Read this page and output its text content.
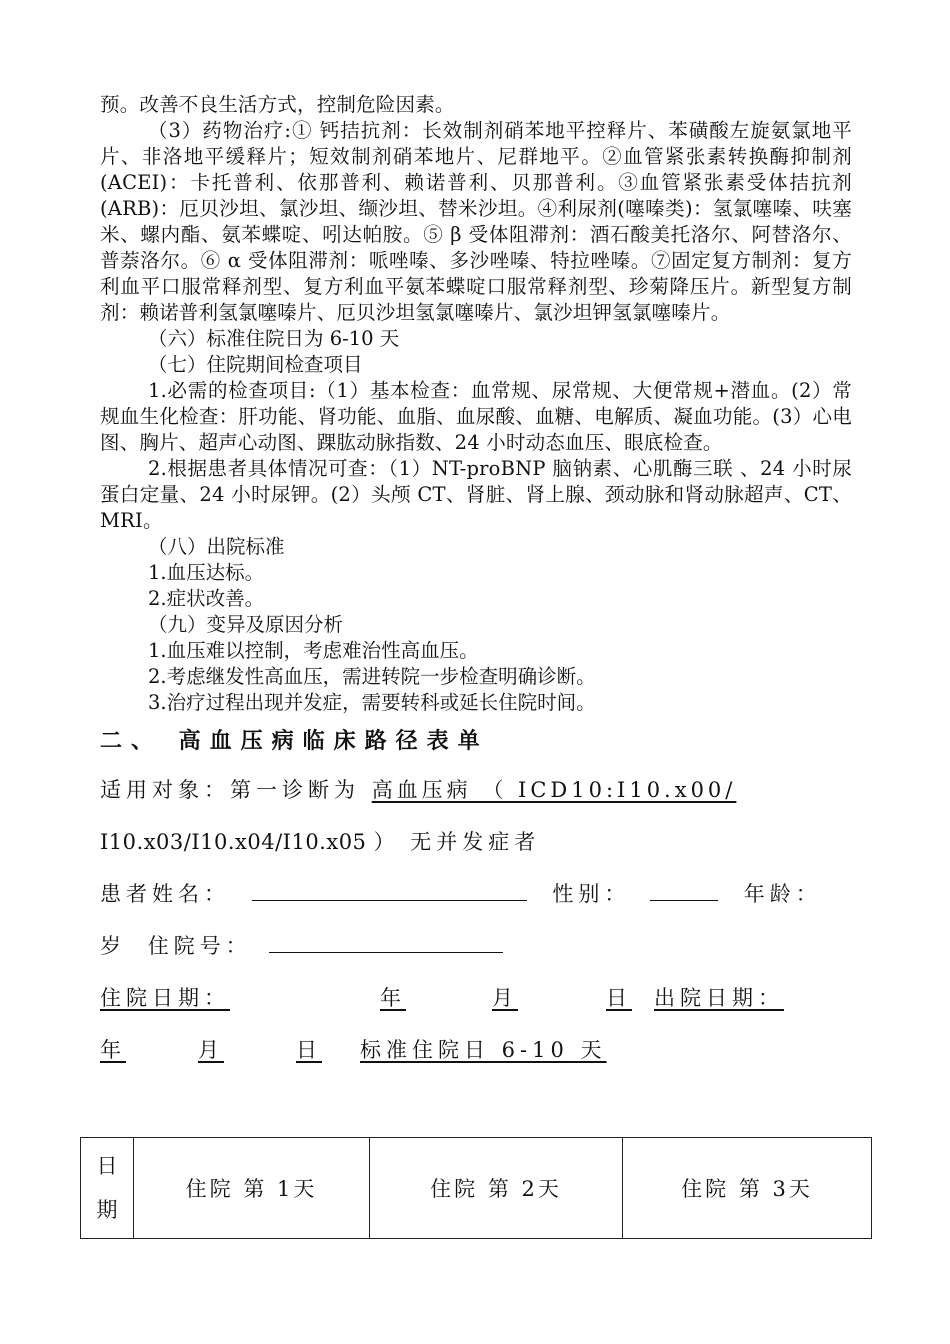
预。改善不良生活方式，控制危险因素。

（3）药物治疗:① 钙拮抗剂：长效制剂硝苯地平控释片、苯磺酸左旋氨氯地平片、非洛地平缓释片；短效制剂硝苯地片、尼群地平。②血管紧张素转换酶抑制剂(ACEI)：卡托普利、依那普利、赖诺普利、贝那普利。③血管紧张素受体拮抗剂(ARB)：厄贝沙坦、氯沙坦、缬沙坦、替米沙坦。④利尿剂(噻嗪类)：氢氯噻嗪、呋塞米、螺内酯、氨苯蝶啶、吲达帕胺。⑤ β 受体阻滞剂：酒石酸美托洛尔、阿替洛尔、普萘洛尔。⑥ α 受体阻滞剂：哌唑嗪、多沙唑嗪、特拉唑嗪。⑦固定复方制剂：复方利血平口服常释剂型、复方利血平氨苯蝶啶口服常释剂型、珍菊降压片。新型复方制剂：赖诺普利氢氯噻嗪片、厄贝沙坦氢氯噻嗪片、氯沙坦钾氢氯噻嗪片。

（六）标准住院日为 6-10 天

（七）住院期间检查项目

1.必需的检查项目:（1）基本检查：血常规、尿常规、大便常规+潜血。(2）常规血生化检查：肝功能、肾功能、血脂、血尿酸、血糖、电解质、凝血功能。(3）心电图、胸片、超声心动图、踝肱动脉指数、24 小时动态血压、眼底检查。

2.根据患者具体情况可查：（1）NT-proBNP 脑钠素、心肌酶三联 、24 小时尿蛋白定量、24 小时尿钾。(2）头颅 CT、肾脏、肾上腺、颈动脉和肾动脉超声、CT、MRI。

（八）出院标准

1.血压达标。

2.症状改善。

（九）变异及原因分析

1.血压难以控制，考虑难治性高血压。

2.考虑继发性高血压，需进转院一步检查明确诊断。

3.治疗过程出现并发症，需要转科或延长住院时间。

二、 高血压病临床路径表单

适用对象：第一诊断为 高血压病 （ ICD10:I10.x00/

I10.x03/I10.x04/I10.x05 ） 无并发症者

患者姓名：	性别：	年龄：

岁 住院号：

住院日期：	年	月	日 出院日期：

年	月	日 标准住院日 6-10 天

日
期
	住院 第 1天	住院 第 2天	住院 第 3天
